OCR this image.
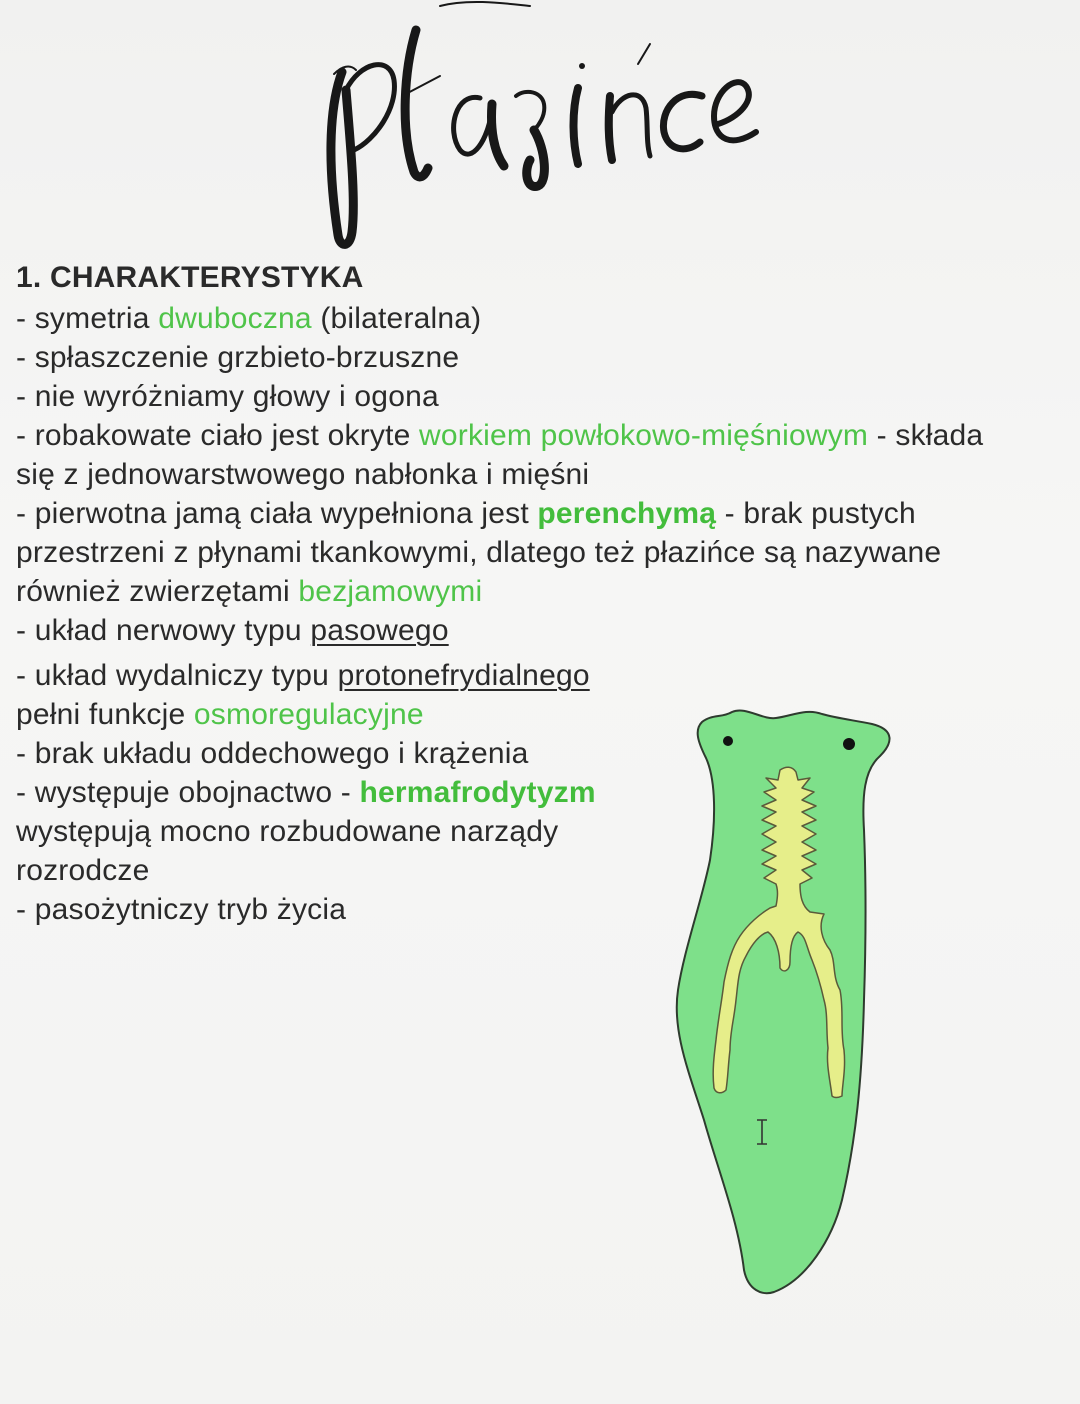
1. CHARAKTERYSTYKA
- symetria dwuboczna (bilateralna)
- spłaszczenie grzbieto-brzuszne
- nie wyróżniamy głowy i ogona
- robakowate ciało jest okryte workiem powłokowo-mięśniowym - składa
się z jednowarstwowego nabłonka i mięśni
- pierwotna jamą ciała wypełniona jest perenchymą - brak pustych
przestrzeni z płynami tkankowymi, dlatego też płazińce są nazywane
również zwierzętami bezjamowymi
- układ nerwowy typu pasowego
- układ wydalniczy typu protonefrydialnego
pełni funkcje osmoregulacyjne
- brak układu oddechowego i krążenia
- występuje obojnactwo - hermafrodytyzm
występują mocno rozbudowane narządy
rozrodcze
- pasożytniczy tryb życia
